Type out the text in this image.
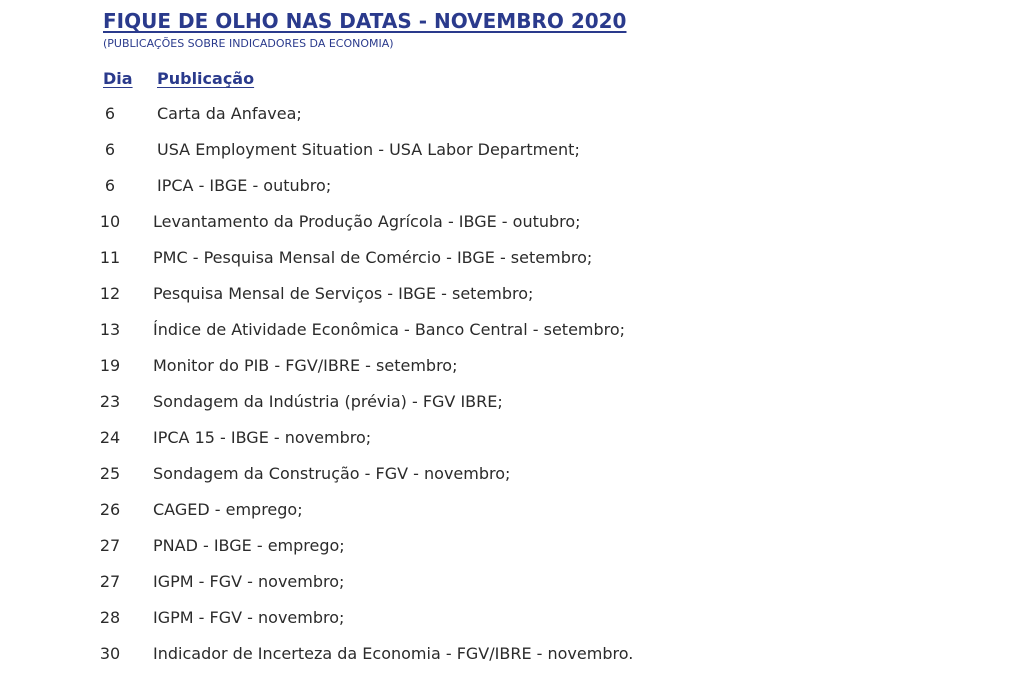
FIQUE DE OLHO NAS DATAS - NOVEMBRO 2020
(PUBLICAÇÕES SOBRE INDICADORES DA ECONOMIA)
Dia Publicação
6	Carta da Anfavea;
6	USA Employment Situation - USA Labor Department;
6	IPCA - IBGE - outubro;
10	Levantamento da Produção Agrícola - IBGE - outubro;
11	PMC - Pesquisa Mensal de Comércio - IBGE - setembro;
12	Pesquisa Mensal de Serviços - IBGE - setembro;
13	Índice de Atividade Econômica - Banco Central - setembro;
19	Monitor do PIB - FGV/IBRE - setembro;
23	Sondagem da Indústria (prévia) - FGV IBRE;
24	IPCA 15 - IBGE - novembro;
25	Sondagem da Construção - FGV - novembro;
26	CAGED - emprego;
27	PNAD - IBGE - emprego;
27	IGPM - FGV - novembro;
28	IGPM - FGV - novembro;
30	Indicador de Incerteza da Economia - FGV/IBRE - novembro.
